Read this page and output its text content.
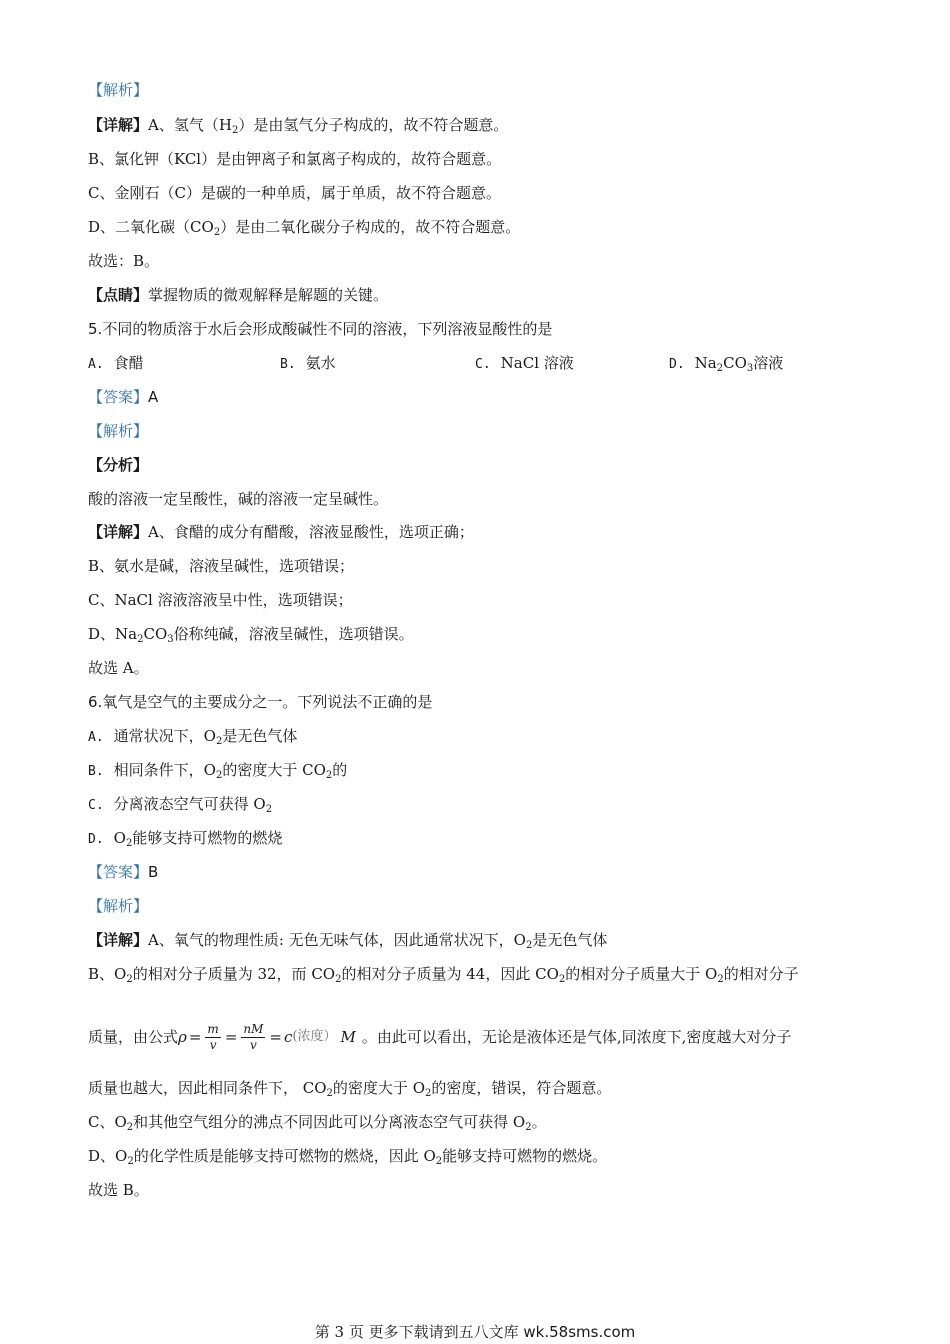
【解析】
【详解】A、氢气$(H_2)$是由氢气分子构成的，故不符合题意。
B、氯化钾（KCl）是由钾离子和氯离子构成的，故符合题意。
C、金刚石（C）是碳的一种单质，属于单质，故不符合题意。
D、二氧化碳$(CO_2)$是由二氧化碳分子构成的，故不符合题意。
故选：B。
【点睛】掌握物质的微观解释是解题的关键。
5.不同的物质溶于水后会形成酸碱性不同的溶液，下列溶液显酸性的是
A. 食醋	B. 氨水	C. NaCl 溶液	D. $Na_2CO_3$溶液
【答案】A
【解析】
【分析】
酸的溶液一定呈酸性，碱的溶液一定呈碱性。
【详解】A、食醋的成分有醋酸，溶液显酸性，选项正确；
B、氨水是碱，溶液呈碱性，选项错误；
C、NaCl 溶液溶液呈中性，选项错误；
D、$Na_2CO_3$俗称纯碱，溶液呈碱性，选项错误。
故选 A。
6.氧气是空气的主要成分之一。下列说法不正确的是
A. 通常状况下，$O_2$是无色气体
B. 相同条件下，$O_2$的密度大于 $CO_2$的
C. 分离液态空气可获得 $O_2$
D. $O_2$能够支持可燃物的燃烧
【答案】B
【解析】
【详解】A、氧气的物理性质: 无色无味气体，因此通常状况下，$O_2$是无色气体
B、$O_2$的相对分子质量为 32，而 $CO_2$的相对分子质量为 44，因此 $CO_2$的相对分子质量大于 $O_2$的相对分子
质量，由公式 $\rho = \frac{m}{v} = \frac{nM}{v} = c$ (浓度） M 。由此可以看出，无论是液体还是气体,同浓度下,密度越大对分子
质量也越大，因此相同条件下， $CO_2$的密度大于 $O_2$的密度，错误，符合题意。
C、$O_2$和其他空气组分的沸点不同因此可以分离液态空气可获得 $O_2$。
D、$O_2$的化学性质是能够支持可燃物的燃烧，因此 $O_2$能够支持可燃物的燃烧。
故选 B。
第 3 页 更多下载请到五八文库 wk.58sms.com
